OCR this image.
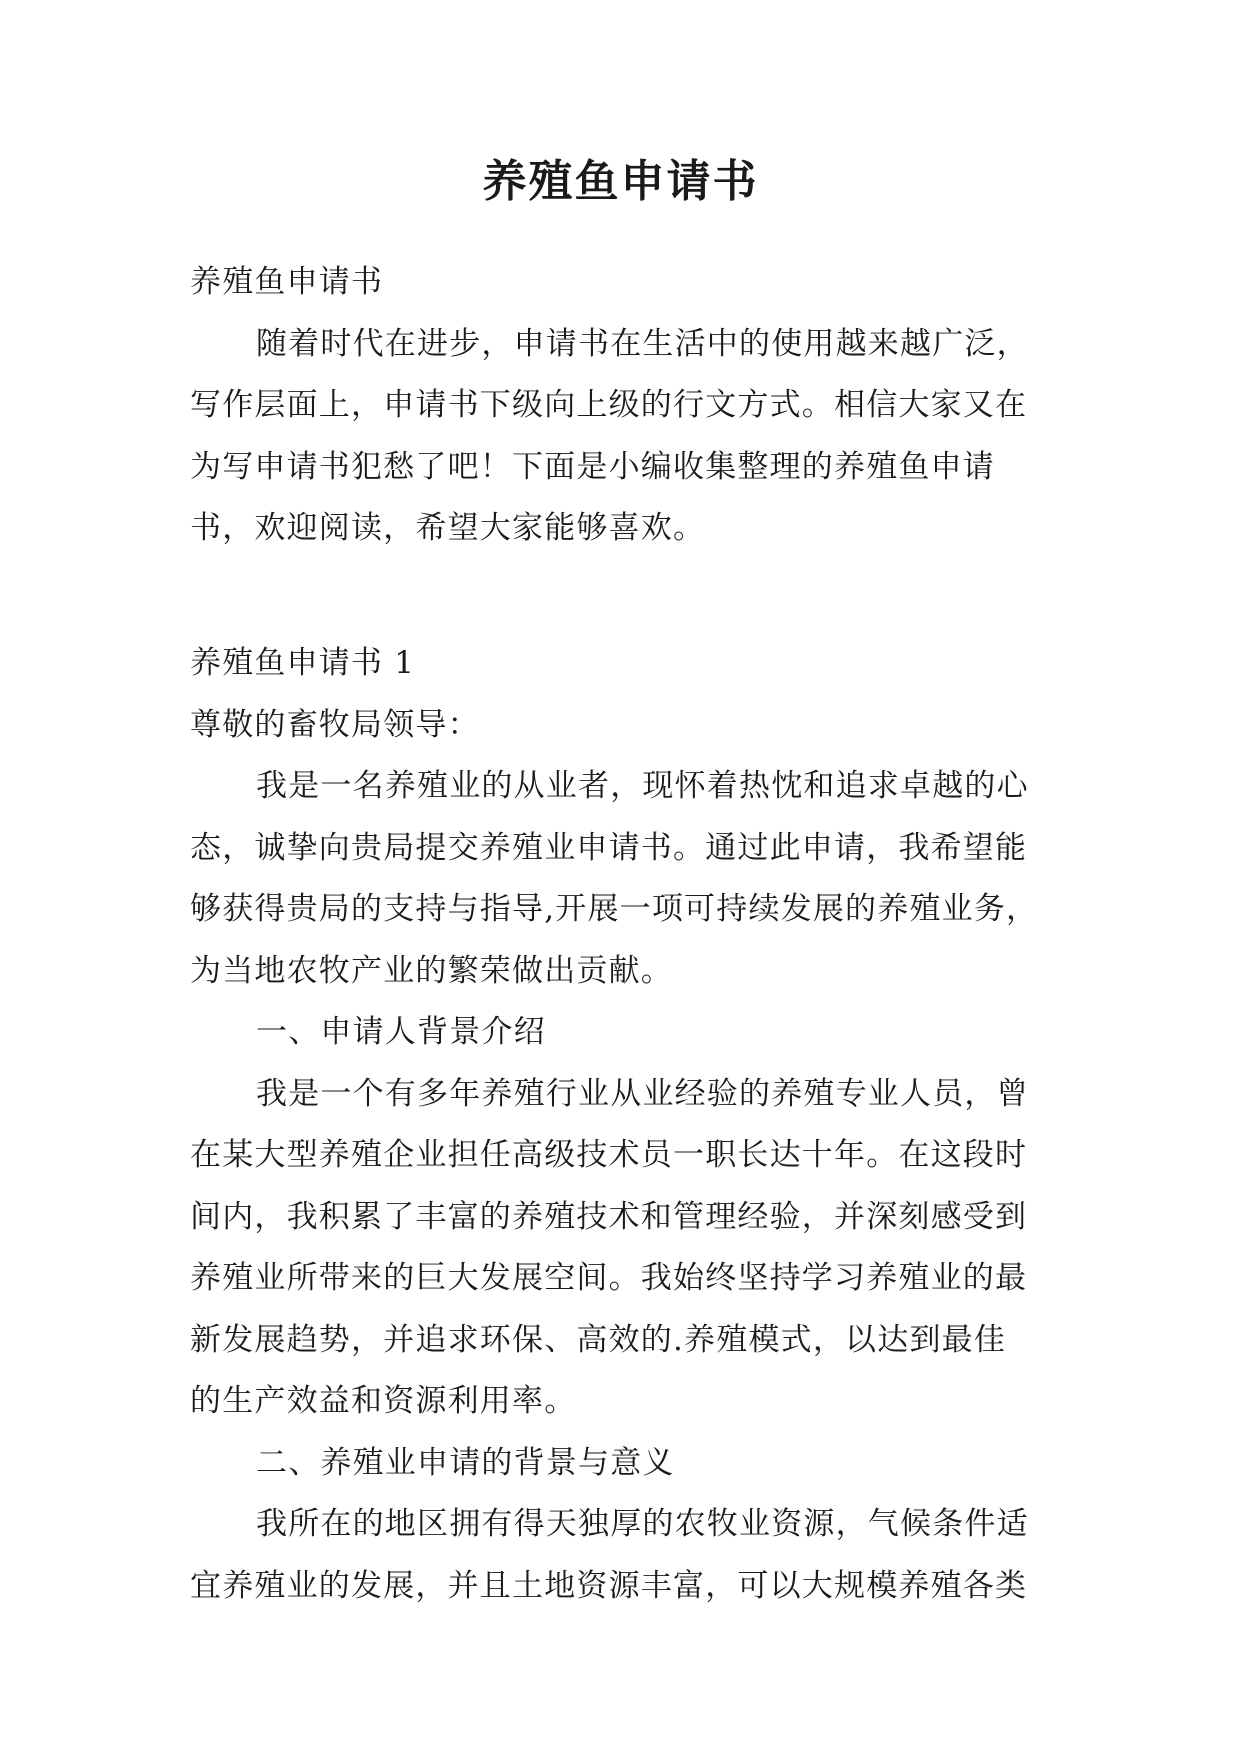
养殖鱼申请书
养殖鱼申请书
随着时代在进步，申请书在生活中的使用越来越广泛，
写作层面上，申请书下级向上级的行文方式。相信大家又在
为写申请书犯愁了吧！下面是小编收集整理的养殖鱼申请
书，欢迎阅读，希望大家能够喜欢。
养殖鱼申请书 1
尊敬的畜牧局领导：
我是一名养殖业的从业者，现怀着热忱和追求卓越的心
态，诚挚向贵局提交养殖业申请书。通过此申请，我希望能
够获得贵局的支持与指导,开展一项可持续发展的养殖业务，
为当地农牧产业的繁荣做出贡献。
一、申请人背景介绍
我是一个有多年养殖行业从业经验的养殖专业人员，曾
在某大型养殖企业担任高级技术员一职长达十年。在这段时
间内，我积累了丰富的养殖技术和管理经验，并深刻感受到
养殖业所带来的巨大发展空间。我始终坚持学习养殖业的最
新发展趋势，并追求环保、高效的.养殖模式，以达到最佳
的生产效益和资源利用率。
二、养殖业申请的背景与意义
我所在的地区拥有得天独厚的农牧业资源，气候条件适
宜养殖业的发展，并且土地资源丰富，可以大规模养殖各类
